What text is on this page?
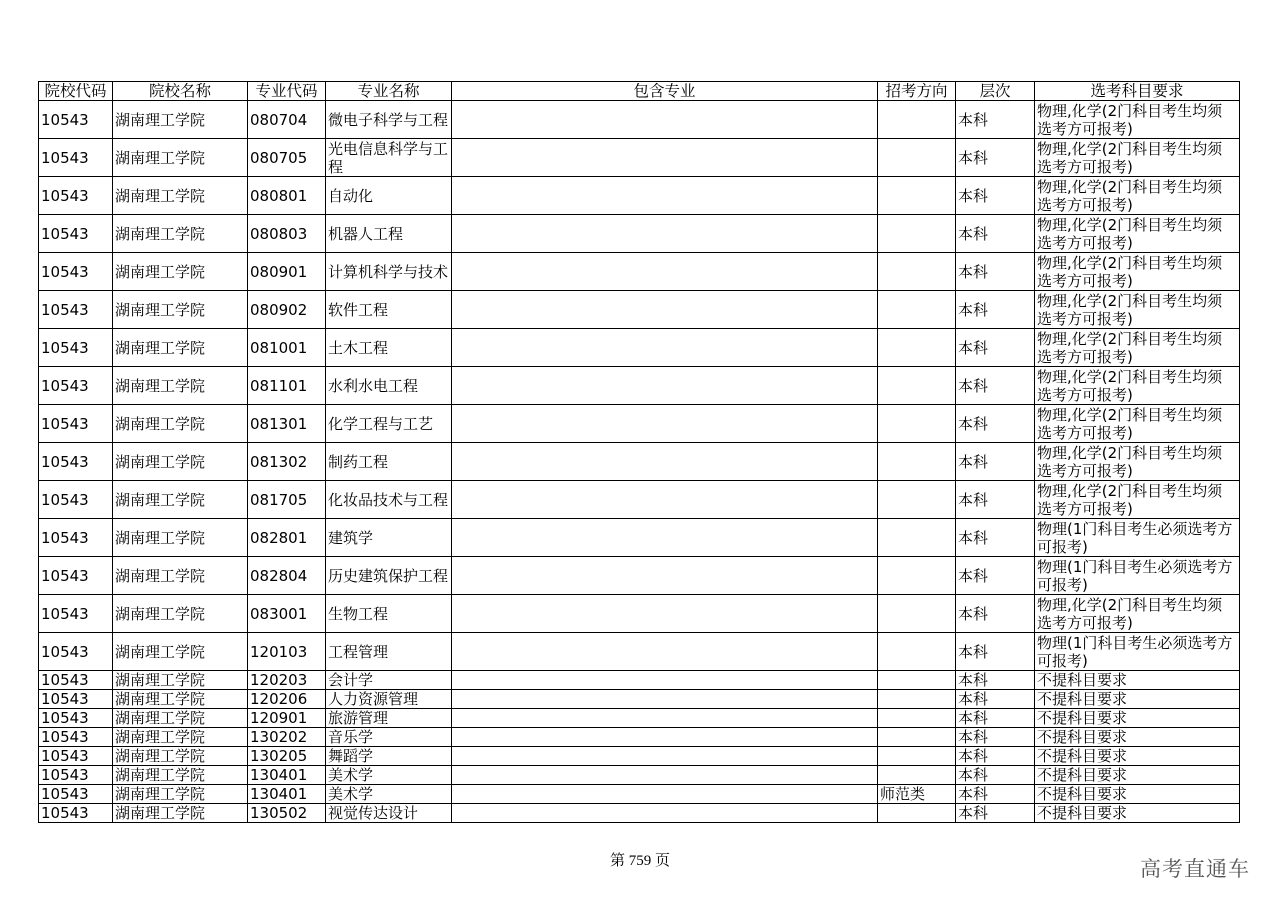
院校代码	院校名称	专业代码	专业名称	包含专业	招考方向	层次	选考科目要求
10543	湖南理工学院	080704	微电子科学与工程			本科	物理,化学(2门科目考生均须选考方可报考)
10543	湖南理工学院	080705	光电信息科学与工程			本科	物理,化学(2门科目考生均须选考方可报考)
10543	湖南理工学院	080801	自动化			本科	物理,化学(2门科目考生均须选考方可报考)
10543	湖南理工学院	080803	机器人工程			本科	物理,化学(2门科目考生均须选考方可报考)
10543	湖南理工学院	080901	计算机科学与技术			本科	物理,化学(2门科目考生均须选考方可报考)
10543	湖南理工学院	080902	软件工程			本科	物理,化学(2门科目考生均须选考方可报考)
10543	湖南理工学院	081001	土木工程			本科	物理,化学(2门科目考生均须选考方可报考)
10543	湖南理工学院	081101	水利水电工程			本科	物理,化学(2门科目考生均须选考方可报考)
10543	湖南理工学院	081301	化学工程与工艺			本科	物理,化学(2门科目考生均须选考方可报考)
10543	湖南理工学院	081302	制药工程			本科	物理,化学(2门科目考生均须选考方可报考)
10543	湖南理工学院	081705	化妆品技术与工程			本科	物理,化学(2门科目考生均须选考方可报考)
10543	湖南理工学院	082801	建筑学			本科	物理(1门科目考生必须选考方可报考)
10543	湖南理工学院	082804	历史建筑保护工程			本科	物理(1门科目考生必须选考方可报考)
10543	湖南理工学院	083001	生物工程			本科	物理,化学(2门科目考生均须选考方可报考)
10543	湖南理工学院	120103	工程管理			本科	物理(1门科目考生必须选考方可报考)
10543	湖南理工学院	120203	会计学			本科	不提科目要求
10543	湖南理工学院	120206	人力资源管理			本科	不提科目要求
10543	湖南理工学院	120901	旅游管理			本科	不提科目要求
10543	湖南理工学院	130202	音乐学			本科	不提科目要求
10543	湖南理工学院	130205	舞蹈学			本科	不提科目要求
10543	湖南理工学院	130401	美术学			本科	不提科目要求
10543	湖南理工学院	130401	美术学		师范类	本科	不提科目要求
10543	湖南理工学院	130502	视觉传达设计			本科	不提科目要求
第 759 页	高考直通车
